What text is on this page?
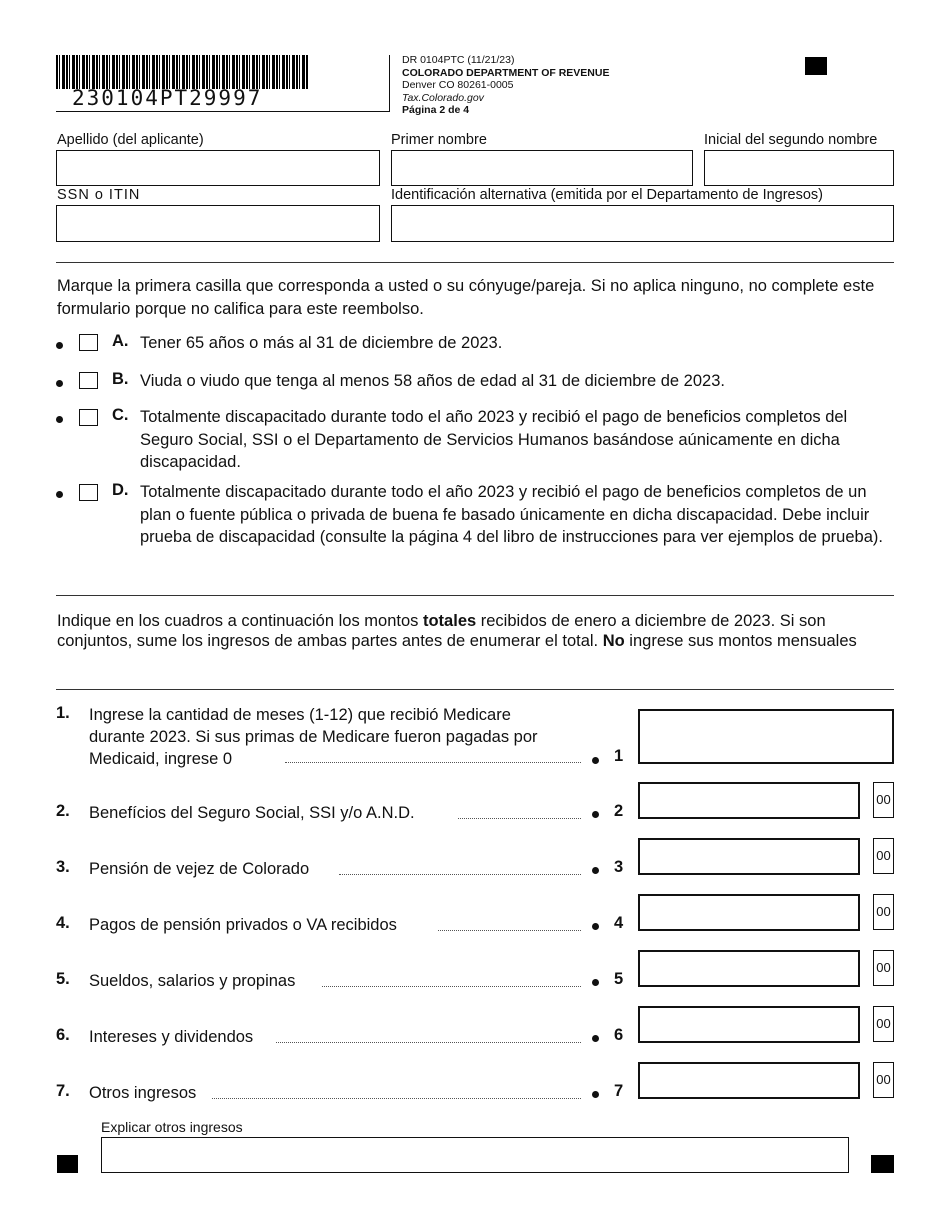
230104PT29997
DR 0104PTC (11/21/23)
COLORADO DEPARTMENT OF REVENUE
Denver CO 80261-0005
Tax.Colorado.gov
Página 2 de 4
Apellido (del aplicante)	Primer nombre	Inicial del segundo nombre
SSN o ITIN	Identificación alternativa (emitida por el Departamento de Ingresos)
Marque la primera casilla que corresponda a usted o su cónyuge/pareja. Si no aplica ninguno, no complete este formulario porque no califica para este reembolso.
A. Tener 65 años o más al 31 de diciembre de 2023.
B. Viuda o viudo que tenga al menos 58 años de edad al 31 de diciembre de 2023.
C. Totalmente discapacitado durante todo el año 2023 y recibió el pago de beneficios completos del Seguro Social, SSI o el Departamento de Servicios Humanos basándose aúnicamente en dicha discapacidad.
D. Totalmente discapacitado durante todo el año 2023 y recibió el pago de beneficios completos de un plan o fuente pública o privada de buena fe basado únicamente en dicha discapacidad. Debe incluir prueba de discapacidad (consulte la página 4 del libro de instrucciones para ver ejemplos de prueba).
Indique en los cuadros a continuación los montos totales recibidos de enero a diciembre de 2023. Si son conjuntos, sume los ingresos de ambas partes antes de enumerar el total. No ingrese sus montos mensuales
1. Ingrese la cantidad de meses (1-12) que recibió Medicare durante 2023. Si sus primas de Medicare fueron pagadas por Medicaid, ingrese 0	1
2. Benefícios del Seguro Social, SSI y/o A.N.D.	2
00
3. Pensión de vejez de Colorado	3
00
4. Pagos de pensión privados o VA recibidos	4
00
5. Sueldos, salarios y propinas	5
00
6. Intereses y dividendos	6
00
7. Otros ingresos	7
00
Explicar otros ingresos
